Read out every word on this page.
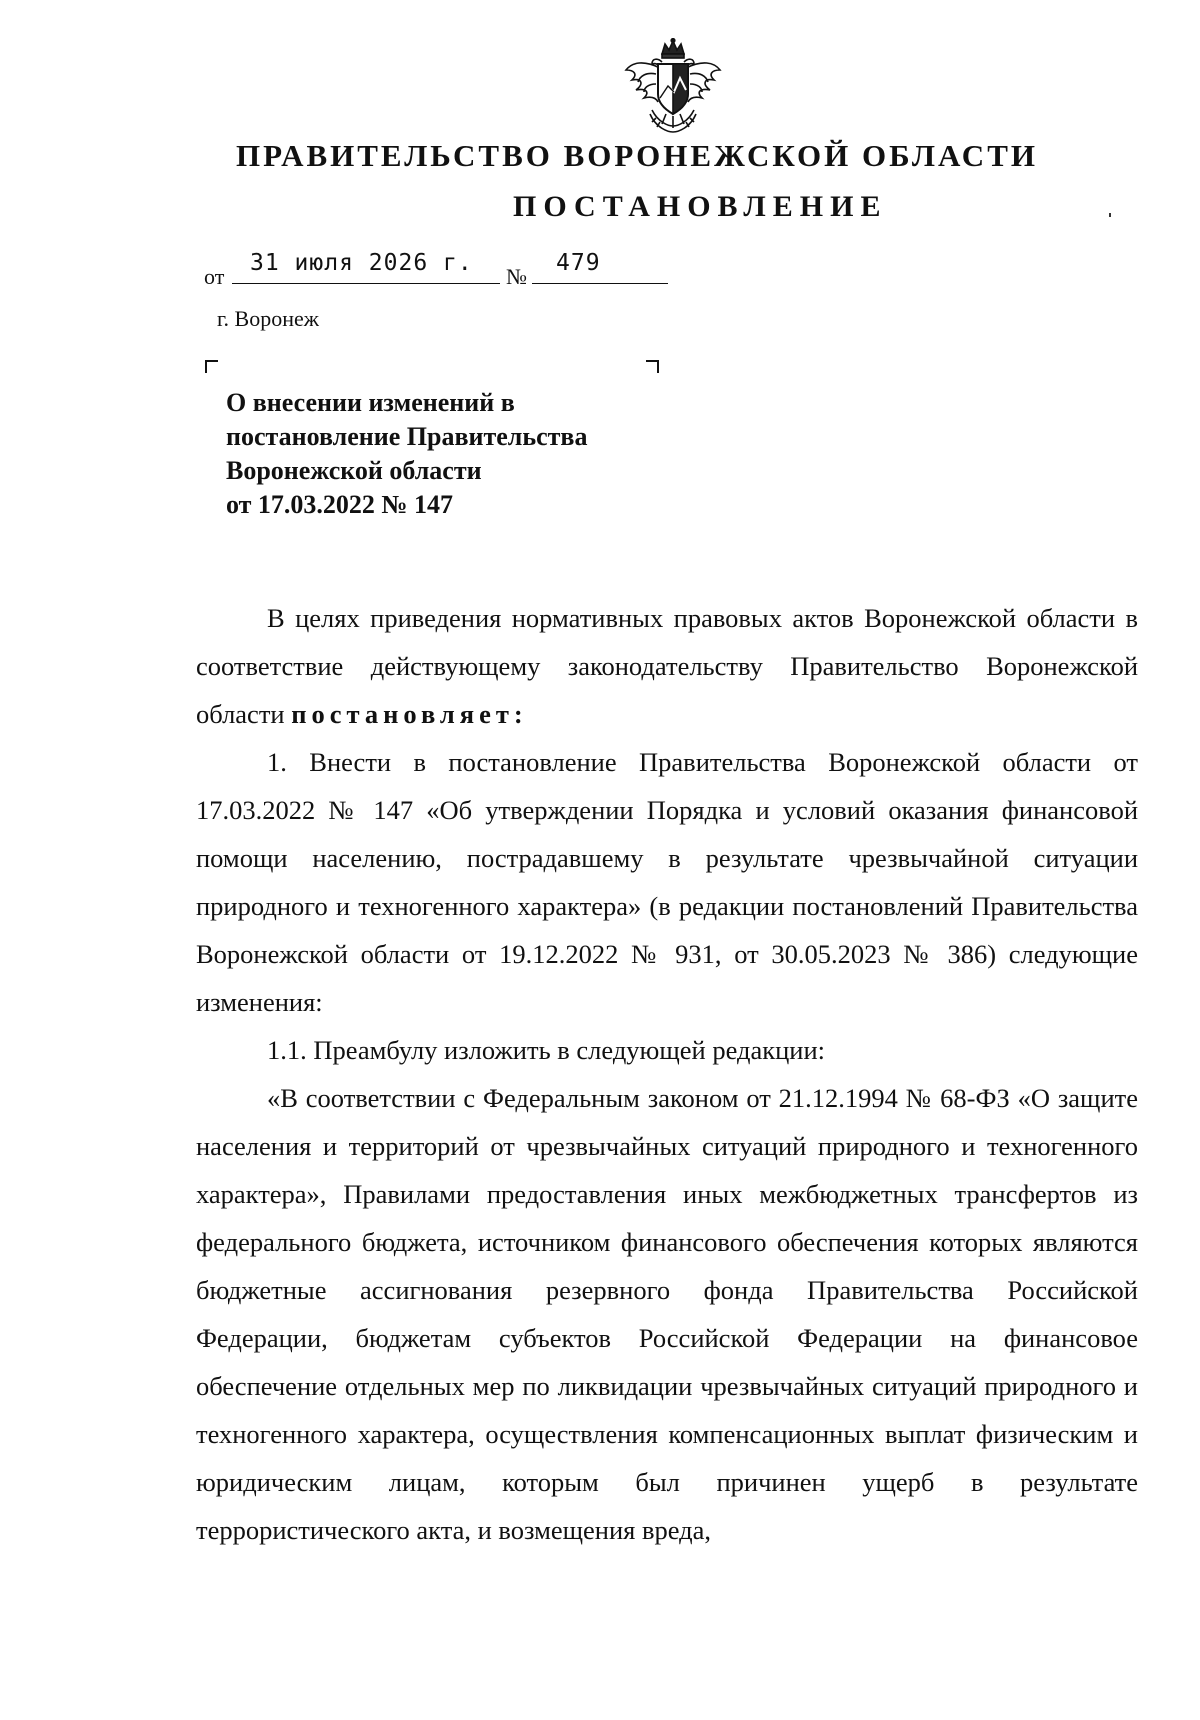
ПРАВИТЕЛЬСТВО ВОРОНЕЖСКОЙ ОБЛАСТИ
ПОСТАНОВЛЕНИЕ
от
31 июля 2026 г.
№
479
г. Воронеж
О внесении изменений в
постановление Правительства
Воронежской области
от 17.03.2022 № 147

В целях приведения нормативных правовых актов Воронежской области в соответствие действующему законодательству Правительство Воронежской области постановляет:

1. Внести в постановление Правительства Воронежской области от 17.03.2022 № 147 «Об утверждении Порядка и условий оказания финансовой помощи населению, пострадавшему в результате чрезвычайной ситуации природного и техногенного характера» (в редакции постановлений Правительства Воронежской области от 19.12.2022 № 931, от 30.05.2023 № 386) следующие изменения:

1.1. Преамбулу изложить в следующей редакции:

«В соответствии с Федеральным законом от 21.12.1994 № 68-ФЗ «О защите населения и территорий от чрезвычайных ситуаций природного и техногенного характера», Правилами предоставления иных межбюджетных трансфертов из федерального бюджета, источником финансового обеспечения которых являются бюджетные ассигнования резервного фонда Правительства Российской Федерации, бюджетам субъектов Российской Федерации на финансовое обеспечение отдельных мер по ликвидации чрезвычайных ситуаций природного и техногенного характера, осуществления компенсационных выплат физическим и юридическим лицам, которым был причинен ущерб в результате террористического акта, и возмещения вреда,
